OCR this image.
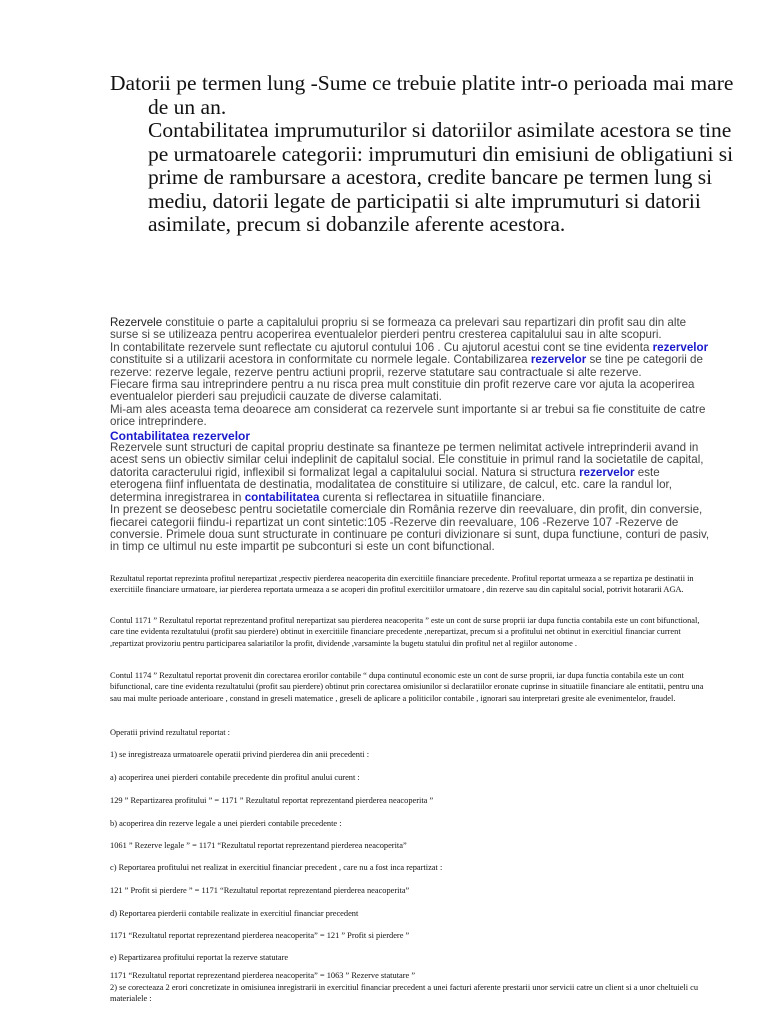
Datorii pe termen lung -Sume ce trebuie platite intr-o perioada mai mare de un an.

Contabilitatea imprumuturilor si datoriilor asimilate acestora se tine pe urmatoarele categorii: imprumuturi din emisiuni de obligatiuni si prime de rambursare a acestora, credite bancare pe termen lung si mediu, datorii legate de participatii si alte imprumuturi si datorii asimilate, precum si dobanzile aferente acestora.

Rezervele constituie o parte a capitalului propriu si se formeaza ca prelevari sau repartizari din profit sau din alte surse si se utilizeaza pentru acoperirea eventualelor pierderi pentru cresterea capitalului sau in alte scopuri.

In contabilitate rezervele sunt reflectate cu ajutorul contului 106 . Cu ajutorul acestui cont se tine evidenta rezervelor constituite si a utilizarii acestora in conformitate cu normele legale. Contabilizarea rezervelor se tine pe categorii de rezerve: rezerve legale, rezerve pentru actiuni proprii, rezerve statutare sau contractuale si alte rezerve.

Fiecare firma sau intreprindere pentru a nu risca prea mult constituie din profit rezerve care vor ajuta la acoperirea eventualelor pierderi sau prejudicii cauzate de diverse calamitati.

Mi-am ales aceasta tema deoarece am considerat ca rezervele sunt importante si ar trebui sa fie constituite de catre orice intreprindere.

Contabilitatea rezervelor

Rezervele sunt structuri de capital propriu destinate sa finanteze pe termen nelimitat activele intreprinderii avand in acest sens un obiectiv similar celui indeplinit de capitalul social. Ele constituie in primul rand la societatile de capital, datorita caracterului rigid, inflexibil si formalizat legal a capitalului social. Natura si structura rezervelor este eterogena fiinf influentata de destinatia, modalitatea de constituire si utilizare, de calcul, etc. care la randul lor, determina inregistrarea in contabilitatea curenta si reflectarea in situatiile financiare.

In prezent se deosebesc pentru societatile comerciale din România rezerve din reevaluare, din profit, din conversie, fiecarei categorii fiindu-i repartizat un cont sintetic:105 -Rezerve din reevaluare, 106 -Rezerve 107 -Rezerve de conversie. Primele doua sunt structurate in continuare pe conturi divizionare si sunt, dupa functiune, conturi de pasiv, in timp ce ultimul nu este impartit pe subconturi si este un cont bifunctional.

Rezultatul reportat reprezinta profitul nerepartizat ,respectiv pierderea neacoperita din exercitiile financiare precedente. Profitul reportat urmeaza a se repartiza pe destinatii in exercitiile financiare urmatoare, iar pierderea reportata urmeaza a se acoperi din profitul exercitiilor urmatoare , din rezerve sau din capitalul social, potrivit hotararii AGA.
Contul 1171 ” Rezultatul reportat reprezentand profitul nerepartizat sau pierderea neacoperita ” este un cont de surse proprii iar dupa functia contabila este un cont bifunctional, care tine evidenta rezultatului (profit sau pierdere) obtinut in exercitiile financiare precedente ,nerepartizat, precum si a profitului net obtinut in exercitiul financiar current ,repartizat provizoriu pentru participarea salariatilor la profit, dividende ,varsaminte la bugetu statului din profitul net al regiilor autonome .
Contul 1174 ” Rezultatul reportat provenit din corectarea erorilor contabile “ dupa continutul economic este un cont de surse proprii, iar dupa functia contabila este un cont bifunctional, care tine evidenta rezultatului (profit sau pierdere) obtinut prin corectarea omisiunilor si declaratiilor eronate cuprinse in situatiile financiare ale entitatii, pentru una sau mai multe perioade anterioare , constand in greseli matematice , greseli de aplicare a politicilor contabile , ignorari sau interpretari gresite ale evenimentelor, fraudel.
Operatii privind rezultatul reportat :
1) se inregistreaza urmatoarele operatii privind pierderea din anii precedenti :
a) acoperirea unei pierderi contabile precedente din profitul anului curent :
129 ” Repartizarea profitului ” = 1171 ” Rezultatul reportat reprezentand pierderea neacoperita ”
b) acoperirea din rezerve legale a unei pierderi contabile precedente :
1061 ” Rezerve legale ” = 1171 “Rezultatul reportat reprezentand pierderea neacoperita”
c) Reportarea profitului net realizat in exercitiul financiar precedent , care nu a fost inca repartizat :
121 ” Profit si pierdere ” = 1171 “Rezultatul reportat reprezentand pierderea neacoperita”
d) Reportarea pierderii contabile realizate in exercitiul financiar precedent
1171 “Rezultatul reportat reprezentand pierderea neacoperita” = 121 ” Profit si pierdere ”
e) Repartizarea profitului reportat la rezerve statutare
1171 “Rezultatul reportat reprezentand pierderea neacoperita” = 1063 ” Rezerve statutare ”
2) se corecteaza 2 erori concretizate in omisiunea inregistrarii in exercitiul financiar precedent a unei facturi aferente prestarii unor servicii catre un client si a unor cheltuieli cu materialele :
